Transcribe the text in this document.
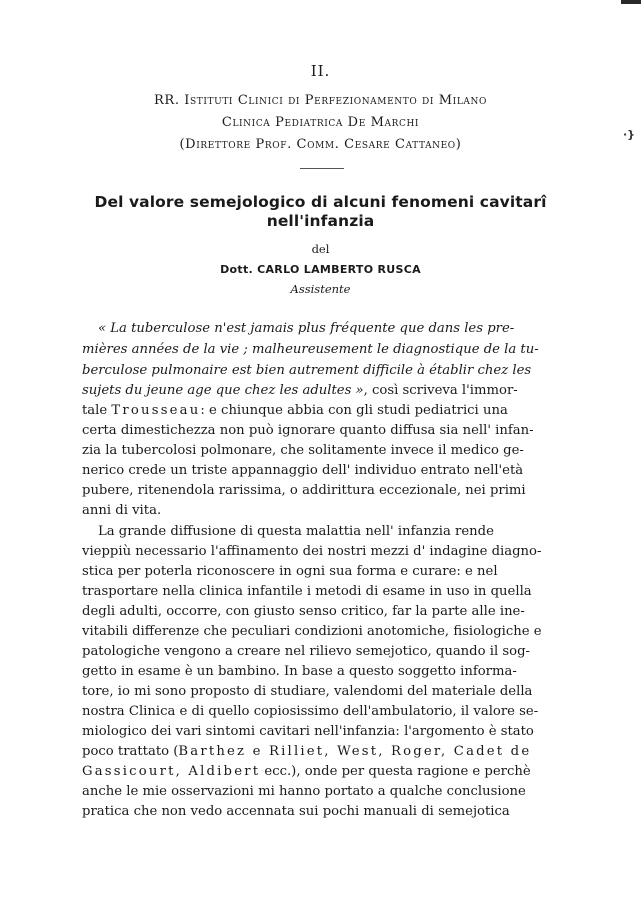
·}
II.
RR. Istituti Clinici di Perfezionamento di Milano
Clinica Pediatrica De Marchi
(Direttore Prof. Comm. Cesare Cattaneo)
Del valore semejologico di alcuni fenomeni cavitarî
nell'infanzia
del
Dott. CARLO LAMBERTO RUSCA
Assistente
« La tuberculose n'est jamais plus fréquente que dans les pre-
mières années de la vie ; malheureusement le diagnostique de la tu-
berculose pulmonaire est bien autrement difficile à établir chez les
sujets du jeune age que chez les adultes », così scriveva l'immor-
tale Trousseau: e chiunque abbia con gli studi pediatrici una
certa dimestichezza non può ignorare quanto diffusa sia nell' infan-
zia la tubercolosi polmonare, che solitamente invece il medico ge-
nerico crede un triste appannaggio dell' individuo entrato nell'età
pubere, ritenendola rarissima, o addirittura eccezionale, nei primi
anni di vita.
La grande diffusione di questa malattia nell' infanzia rende
vieppiù necessario l'affinamento dei nostri mezzi d' indagine diagno-
stica per poterla riconoscere in ogni sua forma e curare: e nel
trasportare nella clinica infantile i metodi di esame in uso in quella
degli adulti, occorre, con giusto senso critico, far la parte alle ine-
vitabili differenze che peculiari condizioni anotomiche, fisiologiche e
patologiche vengono a creare nel rilievo semejotico, quando il sog-
getto in esame è un bambino. In base a questo soggetto informa-
tore, io mi sono proposto di studiare, valendomi del materiale della
nostra Clinica e di quello copiosissimo dell'ambulatorio, il valore se-
miologico dei vari sintomi cavitari nell'infanzia: l'argomento è stato
poco trattato (Barthez e Rilliet, West, Roger, Cadet de
Gassicourt, Aldibert ecc.), onde per questa ragione e perchè
anche le mie osservazioni mi hanno portato a qualche conclusione
pratica che non vedo accennata sui pochi manuali di semejotica
